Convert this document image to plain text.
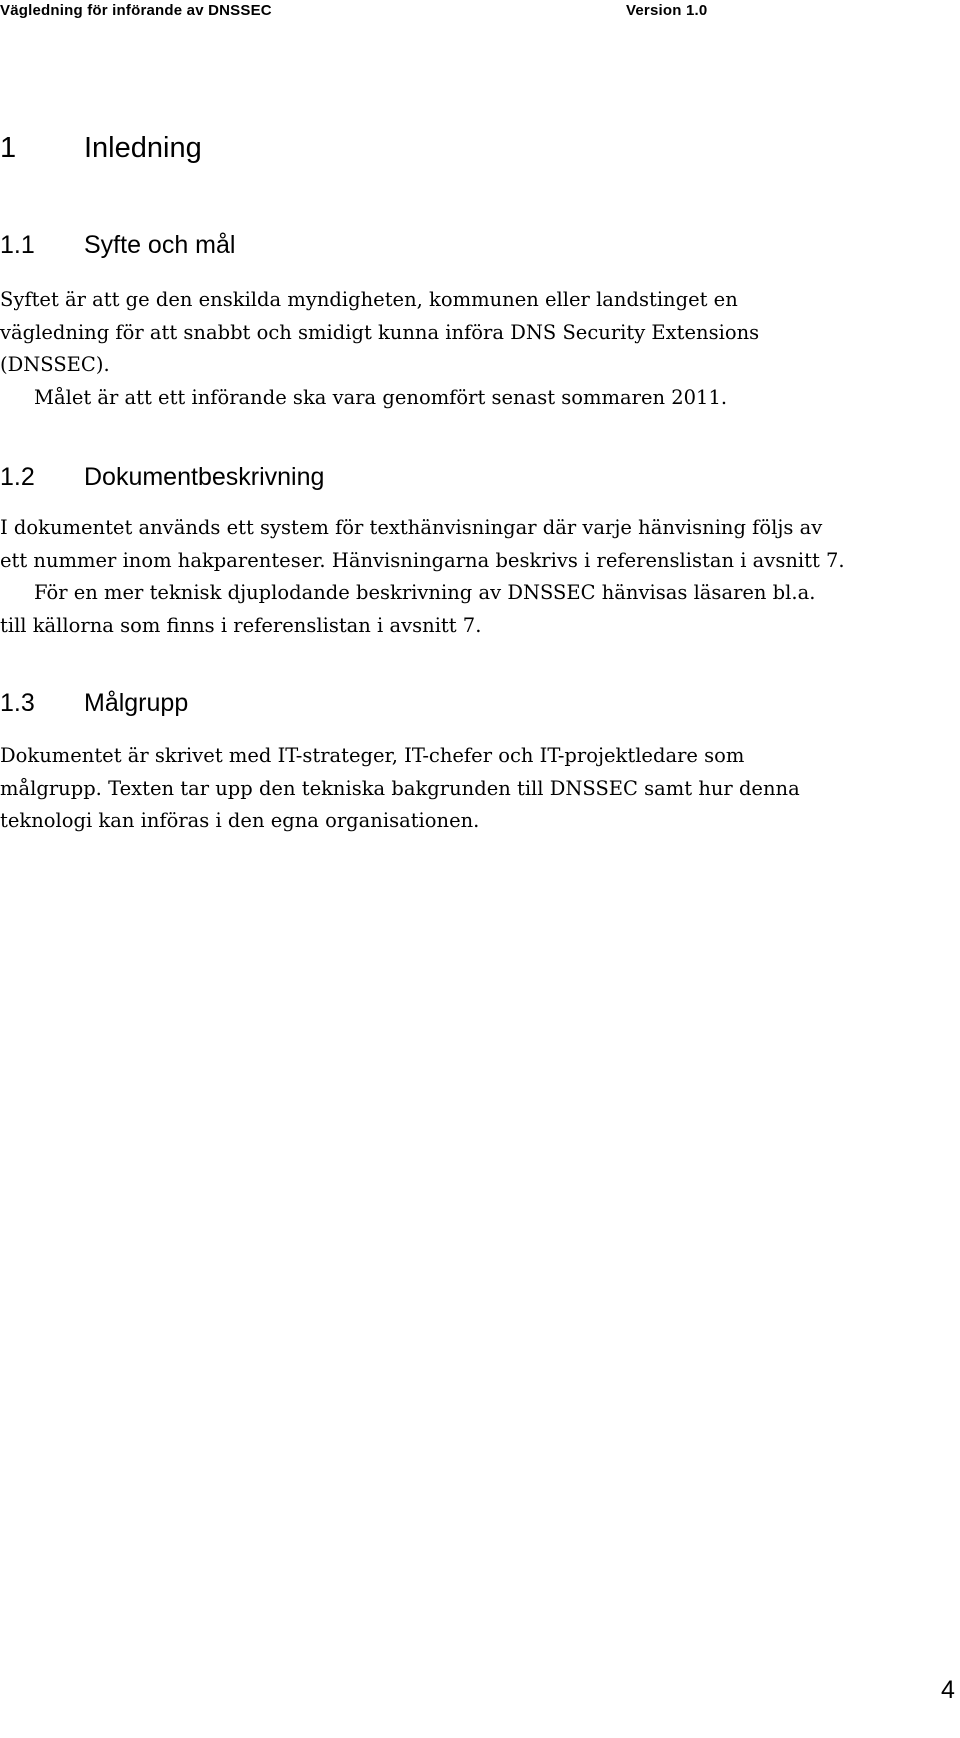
Vägledning för införande av DNSSEC	Version 1.0
1 Inledning
1.1 Syfte och mål
Syftet är att ge den enskilda myndigheten, kommunen eller landstinget en
vägledning för att snabbt och smidigt kunna införa DNS Security Extensions
(DNSSEC).
Målet är att ett införande ska vara genomfört senast sommaren 2011.
1.2 Dokumentbeskrivning
I dokumentet används ett system för texthänvisningar där varje hänvisning följs av
ett nummer inom hakparenteser. Hänvisningarna beskrivs i referenslistan i avsnitt 7.
För en mer teknisk djuplodande beskrivning av DNSSEC hänvisas läsaren bl.a.
till källorna som finns i referenslistan i avsnitt 7.
1.3 Målgrupp
Dokumentet är skrivet med IT-strateger, IT-chefer och IT-projektledare som
målgrupp. Texten tar upp den tekniska bakgrunden till DNSSEC samt hur denna
teknologi kan införas i den egna organisationen.
4
